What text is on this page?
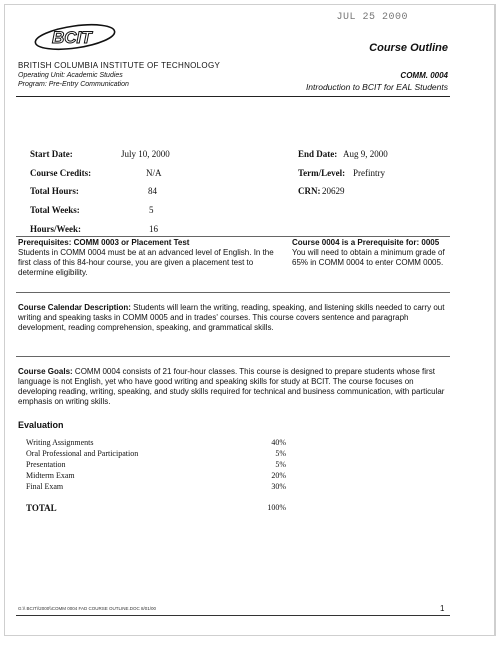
BCIT
BRITISH COLUMBIA INSTITUTE OF TECHNOLOGY
Operating Unit: Academic Studies
Program: Pre-Entry Communication
JUL 25 2000
Course Outline
COMM. 0004
Introduction to BCIT for EAL Students
Start Date:	July 10, 2000	End Date: Aug 9, 2000
Course Credits:	N/A	Term/Level: Prefintry
Total Hours:	84	CRN: 20629
Total Weeks:	5
Hours/Week:	16
Prerequisites: COMM 0003 or Placement Test
Students in COMM 0004 must be at an advanced level of English. In the first class of this 84-hour course, you are given a placement test to determine eligibility.
Course 0004 is a Prerequisite for: 0005
You will need to obtain a minimum grade of 65% in COMM 0004 to enter COMM 0005.
Course Calendar Description: Students will learn the writing, reading, speaking, and listening skills needed to carry out writing and speaking tasks in COMM 0005 and in trades' courses. This course covers sentence and paragraph development, reading comprehension, speaking, and grammatical skills.
Course Goals: COMM 0004 consists of 21 four-hour classes. This course is designed to prepare students whose first language is not English, yet who have good writing and speaking skills for study at BCIT. The course focuses on developing reading, writing, speaking, and study skills required for technical and business communication, with particular emphasis on writing skills.
Evaluation
Writing Assignments	40%
Oral Professional and Participation	5%
Presentation	5%
Midterm Exam	20%
Final Exam	30%
TOTAL	100%
G:\\ BCIT\\2000\\COMM 0004 FAD COURSE OUTLINE.DOC 8/01/00	1
